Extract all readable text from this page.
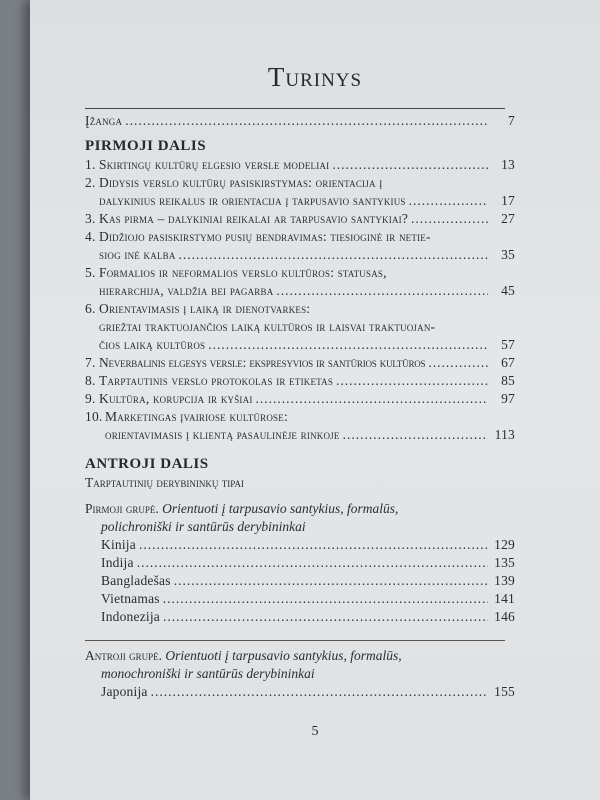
Turinys
Įžanga .....	7
PIRMOJI DALIS
1. Skirtingų kultūrų elgesio versle modeliai .....	13
2. Didysis verslo kultūrų pasiskirstymas: orientacija į
dalykinius reikalus ir orientacija į tarpusavio santykius .....	17
3. Kas pirma – dalykiniai reikalai ar tarpusavio santykiai? .....	27
4. Didžiojo pasiskirstymo pusių bendravimas: tiesioginė ir netie-
siog inė kalba .....	35
5. Formalios ir neformalios verslo kultūros: statusas,
hierarchija, valdžia bei pagarba .....	45
6. Orientavimasis į laiką ir dienotvarkes:
griežtai traktuojančios laiką kultūros ir laisvai traktuojan-
čios laiką kultūros .....	57
7. Neverbalinis elgesys versle: ekspresyvios ir santūrios kultūros .....	67
8. Tarptautinis verslo protokolas ir etiketas .....	85
9. Kultūra, korupcija ir kyšiai .....	97
10. Marketingas įvairiose kultūrose:
orientavimasis į klientą pasaulinėje rinkoje .....	113
ANTROJI DALIS
Tarptautinių derybininkų tipai
Pirmoji grupė. Orientuoti į tarpusavio santykius, formalūs,
polichroniški ir santūrūs derybininkai
Kinija .....	129
Indija .....	135
Bangladešas .....	139
Vietnamas .....	141
Indonezija .....	146
Antroji grupė. Orientuoti į tarpusavio santykius, formalūs,
monochroniški ir santūrūs derybininkai
Japonija .....	155
5
